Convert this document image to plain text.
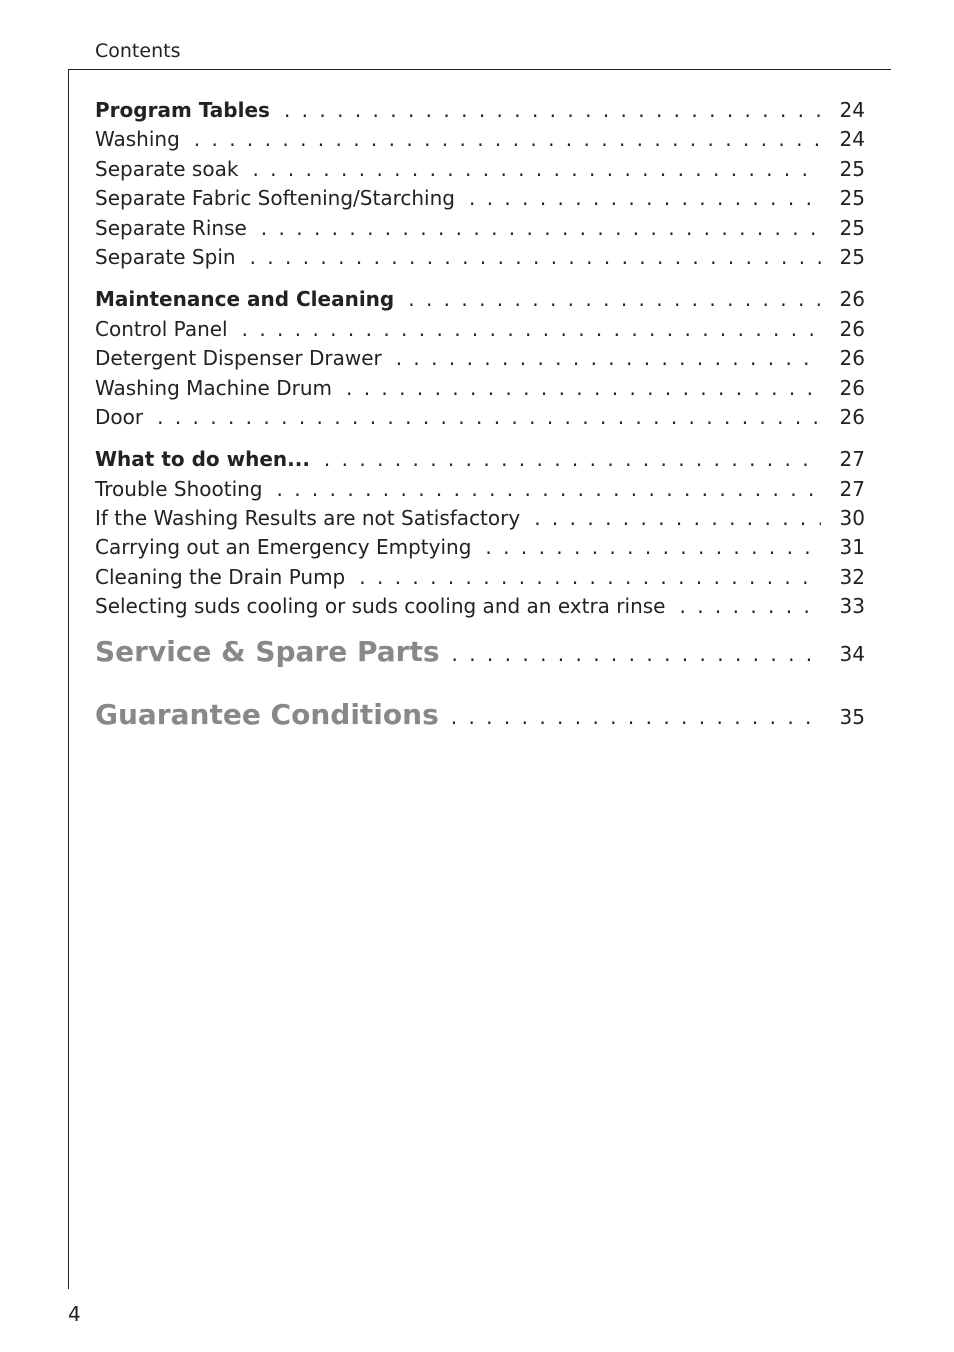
Contents
Program Tables . . .	24
Washing . . .	24
Separate soak . . .	25
Separate Fabric Softening/Starching . . .	25
Separate Rinse . . .	25
Separate Spin . . .	25
Maintenance and Cleaning . . .	26
Control Panel . . .	26
Detergent Dispenser Drawer . . .	26
Washing Machine Drum . . .	26
Door . . .	26
What to do when... . . .	27
Trouble Shooting . . .	27
If the Washing Results are not Satisfactory . . .	30
Carrying out an Emergency Emptying . . .	31
Cleaning the Drain Pump . . .	32
Selecting suds cooling or suds cooling and an extra rinse . . .	33
Service & Spare Parts . . .	34
Guarantee Conditions . . .	35
4
